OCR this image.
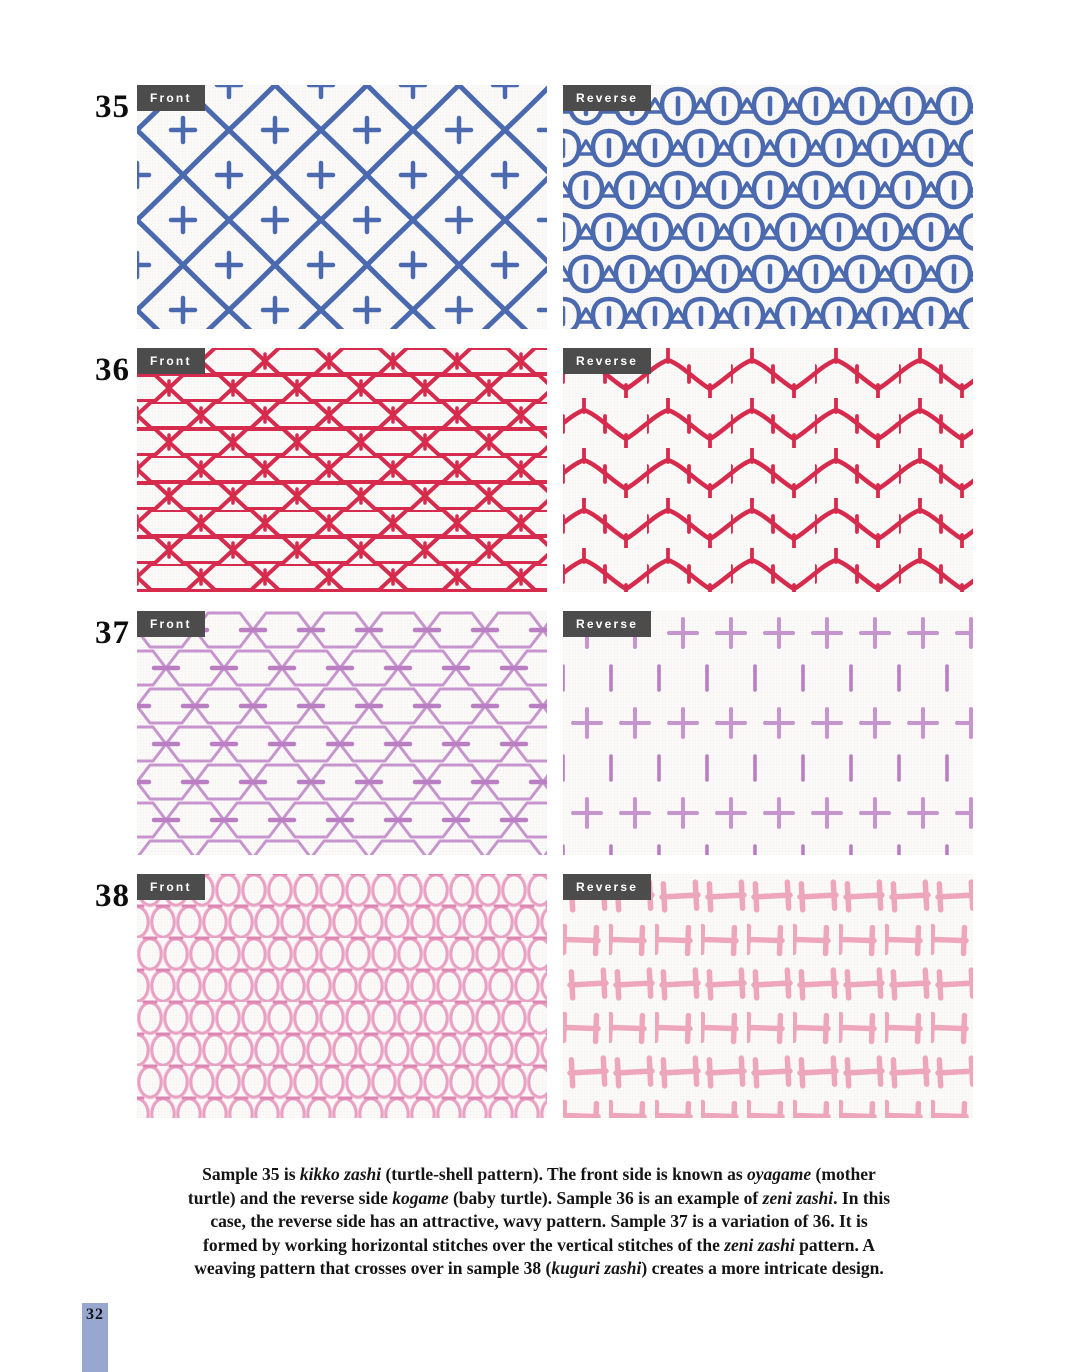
35	Front	Reverse
36	Front	Reverse
37	Front	Reverse
38	Front	Reverse
Sample 35 is kikko zashi (turtle-shell pattern). The front side is known as oyagame (mother turtle) and the reverse side kogame (baby turtle). Sample 36 is an example of zeni zashi. In this case, the reverse side has an attractive, wavy pattern. Sample 37 is a variation of 36. It is formed by working horizontal stitches over the vertical stitches of the zeni zashi pattern. A weaving pattern that crosses over in sample 38 (kuguri zashi) creates a more intricate design.
32
